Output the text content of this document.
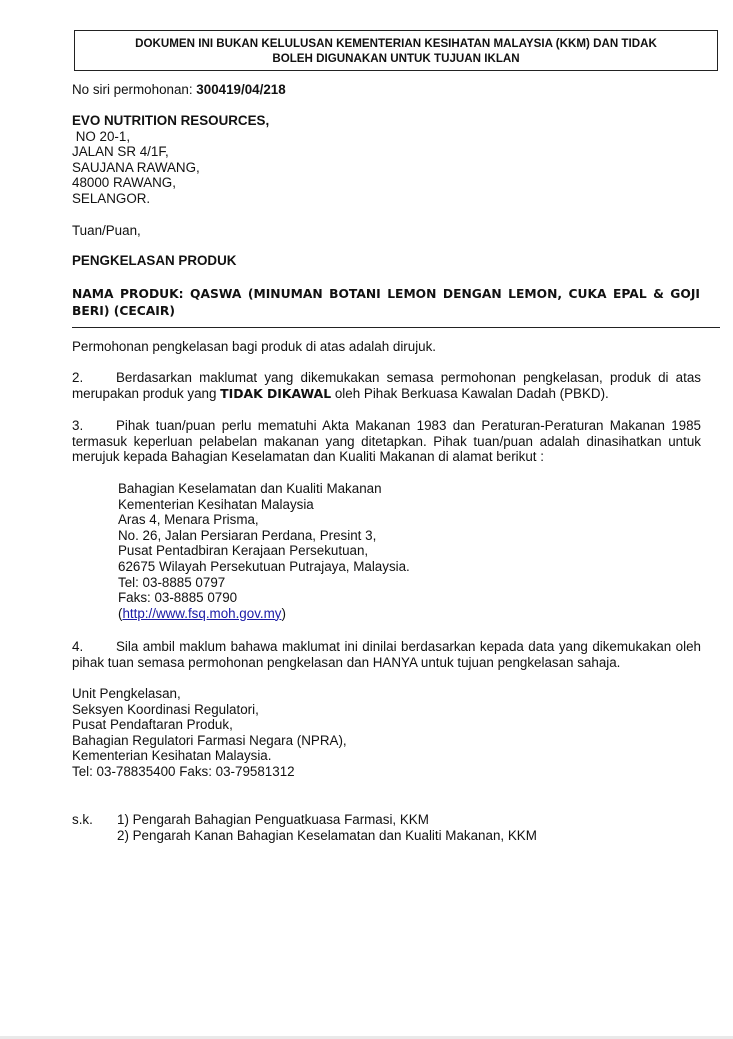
DOKUMEN INI BUKAN KELULUSAN KEMENTERIAN KESIHATAN MALAYSIA (KKM) DAN TIDAK
BOLEH DIGUNAKAN UNTUK TUJUAN IKLAN
No siri permohonan: 300419/04/218
EVO NUTRITION RESOURCES,
NO 20-1,
JALAN SR 4/1F,
SAUJANA RAWANG,
48000 RAWANG,
SELANGOR.
Tuan/Puan,
PENGKELASAN PRODUK
NAMA PRODUK: QASWA (MINUMAN BOTANI LEMON DENGAN LEMON, CUKA EPAL & GOJI BERI) (CECAIR)
Permohonan pengkelasan bagi produk di atas adalah dirujuk.
2. Berdasarkan maklumat yang dikemukakan semasa permohonan pengkelasan, produk di atas merupakan produk yang TIDAK DIKAWAL oleh Pihak Berkuasa Kawalan Dadah (PBKD).
3. Pihak tuan/puan perlu mematuhi Akta Makanan 1983 dan Peraturan-Peraturan Makanan 1985 termasuk keperluan pelabelan makanan yang ditetapkan. Pihak tuan/puan adalah dinasihatkan untuk merujuk kepada Bahagian Keselamatan dan Kualiti Makanan di alamat berikut :
Bahagian Keselamatan dan Kualiti Makanan
Kementerian Kesihatan Malaysia
Aras 4, Menara Prisma,
No. 26, Jalan Persiaran Perdana, Presint 3,
Pusat Pentadbiran Kerajaan Persekutuan,
62675 Wilayah Persekutuan Putrajaya, Malaysia.
Tel: 03-8885 0797
Faks: 03-8885 0790
(http://www.fsq.moh.gov.my)
4. Sila ambil maklum bahawa maklumat ini dinilai berdasarkan kepada data yang dikemukakan oleh pihak tuan semasa permohonan pengkelasan dan HANYA untuk tujuan pengkelasan sahaja.
Unit Pengkelasan,
Seksyen Koordinasi Regulatori,
Pusat Pendaftaran Produk,
Bahagian Regulatori Farmasi Negara (NPRA),
Kementerian Kesihatan Malaysia.
Tel: 03-78835400 Faks: 03-79581312
s.k. 1) Pengarah Bahagian Penguatkuasa Farmasi, KKM
2) Pengarah Kanan Bahagian Keselamatan dan Kualiti Makanan, KKM
